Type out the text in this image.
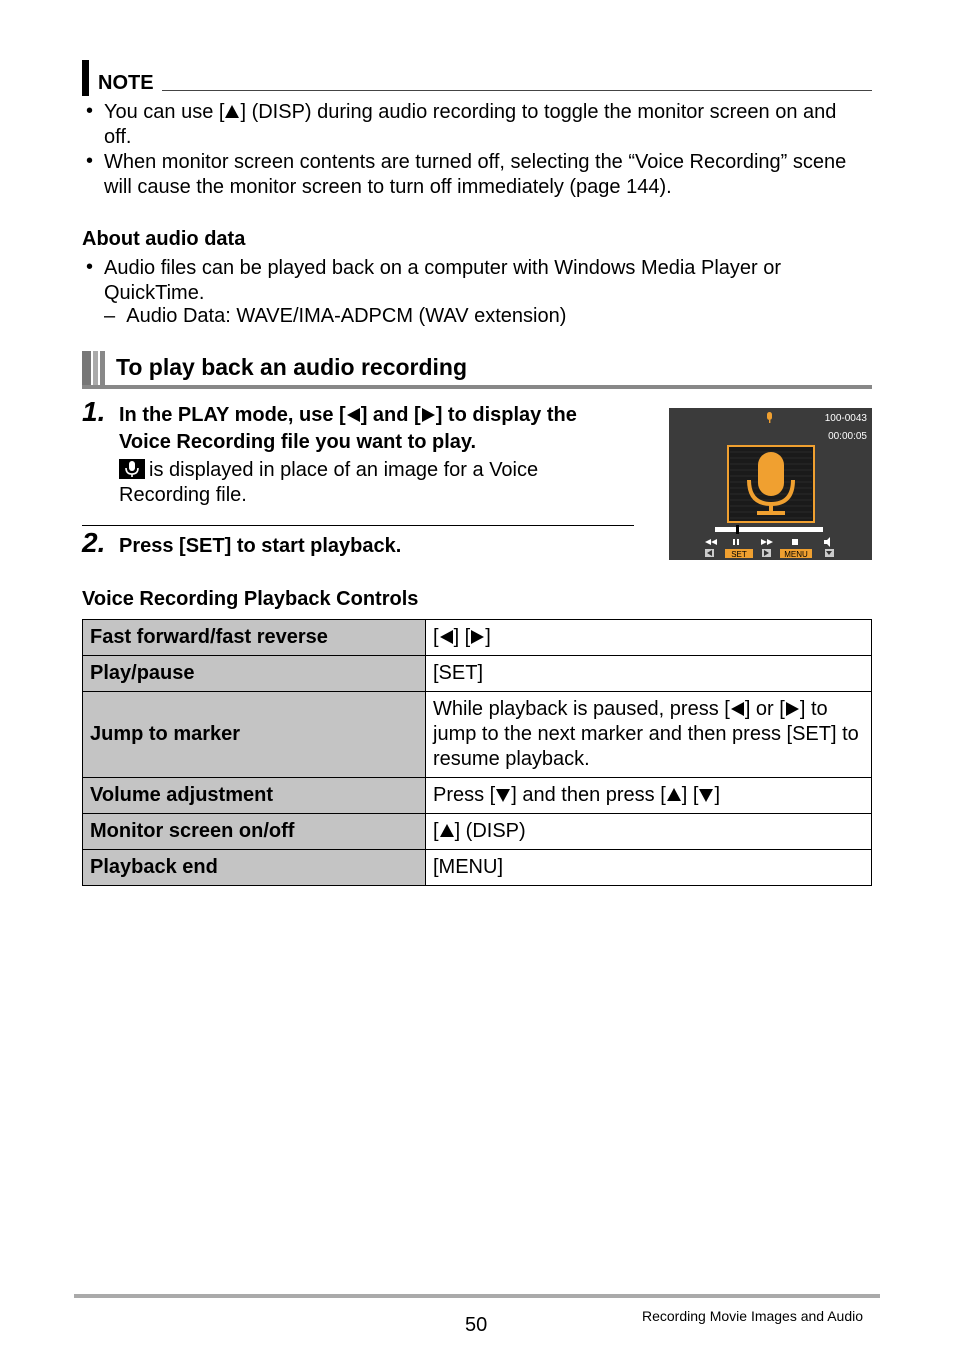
NOTE
• You can use [ ] (DISP) during audio recording to toggle the monitor screen on and off.
• When monitor screen contents are turned off, selecting the “Voice Recording” scene will cause the monitor screen to turn off immediately (page 144).
About audio data
• Audio files can be played back on a computer with Windows Media Player or QuickTime.
–  Audio Data: WAVE/IMA-ADPCM (WAV extension)
To play back an audio recording
1. In the PLAY mode, use [ ] and [ ] to display the Voice Recording file you want to play.
is displayed in place of an image for a Voice Recording file.
2. Press [SET] to start playback.	SET	MENU
100-0043
00:00:05
Voice Recording Playback Controls
Fast forward/fast reverse	[ ] [ ]
Play/pause	[SET]
Jump to marker	While playback is paused, press [ ] or [ ] to jump to the next marker and then press [SET] to resume playback.
Volume adjustment	Press [ ] and then press [ ] [ ]
Monitor screen on/off	[ ] (DISP)
Playback end	[MENU]
50	Recording Movie Images and Audio
